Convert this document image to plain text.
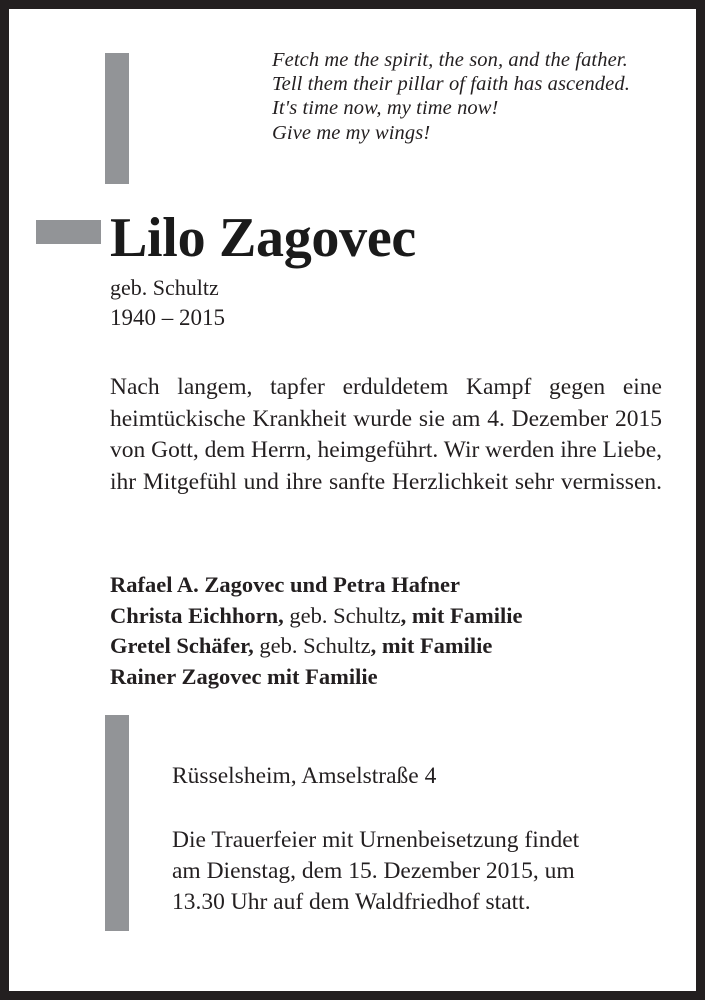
Fetch me the spirit, the son, and the father.
Tell them their pillar of faith has ascended.
It's time now, my time now!
Give me my wings!
Lilo Zagovec
geb. Schultz
1940 – 2015
Nach langem, tapfer erduldetem Kampf gegen eine heimtückische Krankheit wurde sie am 4. Dezember 2015 von Gott, dem Herrn, heimgeführt. Wir werden ihre Liebe, ihr Mitgefühl und ihre sanfte Herzlichkeit sehr vermissen.
Rafael A. Zagovec und Petra Hafner
Christa Eichhorn, geb. Schultz, mit Familie
Gretel Schäfer, geb. Schultz, mit Familie
Rainer Zagovec mit Familie
Rüsselsheim, Amselstraße 4
Die Trauerfeier mit Urnenbeisetzung findet
am Dienstag, dem 15. Dezember 2015, um
13.30 Uhr auf dem Waldfriedhof statt.
